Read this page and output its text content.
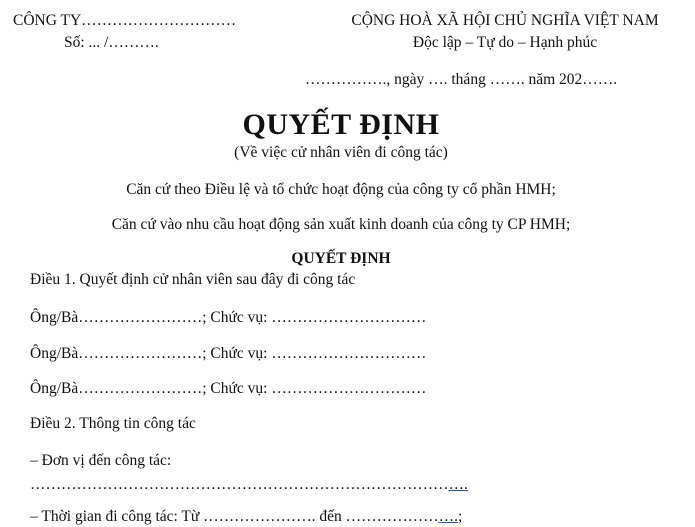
CÔNG TY…………………………
Số: ... /……….
CỘNG HOÀ XÃ HỘI CHỦ NGHĨA VIỆT NAM
Độc lập – Tự do – Hạnh phúc
……………., ngày …. tháng ……. năm 202…….
QUYẾT ĐỊNH
(Về việc cử nhân viên đi công tác)
Căn cứ theo Điều lệ và tổ chức hoạt động của công ty cổ phần HMH;
Căn cứ vào nhu cầu hoạt động sản xuất kinh doanh của công ty CP HMH;
QUYẾT ĐỊNH
Điều 1. Quyết định cử nhân viên sau đây đi công tác
Ông/Bà……………………; Chức vụ: …………………………
Ông/Bà……………………; Chức vụ: …………………………
Ông/Bà……………………; Chức vụ: …………………………
Điều 2. Thông tin công tác
– Đơn vị đến công tác:
………………………………………………………………………….
– Thời gian đi công tác: Từ …………………. đến ………………….;
